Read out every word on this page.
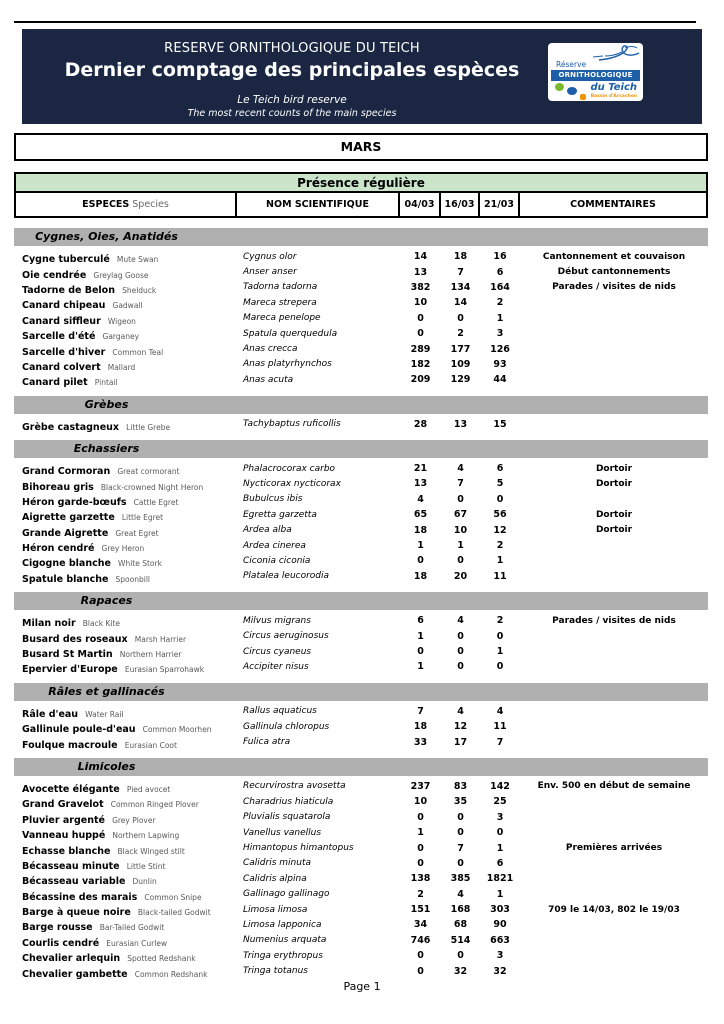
RESERVE ORNITHOLOGIQUE DU TEICH
Dernier comptage des principales espèces
Le Teich bird reserve
The most recent counts of the main species
Réserve
ORNITHOLOGIQUE
du Teich
Bassin d'Arcachon
MARS
Présence régulière
ESPECES Species	NOM SCIENTIFIQUE	04/03	16/03	21/03	COMMENTAIRES
Cygnes, Oies, Anatidés
Cygne tuberculé Mute Swan	Cygnus olor	14	18	16	Cantonnement et couvaison
Oie cendrée Greylag Goose	Anser anser	13	7	6	Début cantonnements
Tadorne de Belon Shelduck	Tadorna tadorna	382	134	164	Parades / visites de nids
Canard chipeau Gadwall	Mareca strepera	10	14	2
Canard siffleur Wigeon	Mareca penelope	0	0	1
Sarcelle d'été Garganey	Spatula querquedula	0	2	3
Sarcelle d'hiver Common Teal	Anas crecca	289	177	126
Canard colvert Mallard	Anas platyrhynchos	182	109	93
Canard pilet Pintail	Anas acuta	209	129	44
Grèbes
Grèbe castagneux Little Grebe	Tachybaptus ruficollis	28	13	15
Echassiers
Grand Cormoran Great cormorant	Phalacrocorax carbo	21	4	6	Dortoir
Bihoreau gris Black-crowned Night Heron	Nycticorax nycticorax	13	7	5	Dortoir
Héron garde-bœufs Cattle Egret	Bubulcus ibis	4	0	0
Aigrette garzette Little Egret	Egretta garzetta	65	67	56	Dortoir
Grande Aigrette Great Egret	Ardea alba	18	10	12	Dortoir
Héron cendré Grey Heron	Ardea cinerea	1	1	2
Cigogne blanche White Stork	Ciconia ciconia	0	0	1
Spatule blanche Spoonbill	Platalea leucorodia	18	20	11
Rapaces
Milan noir Black Kite	Milvus migrans	6	4	2	Parades / visites de nids
Busard des roseaux Marsh Harrier	Circus aeruginosus	1	0	0
Busard St Martin Northern Harrier	Circus cyaneus	0	0	1
Epervier d'Europe Eurasian Sparrohawk	Accipiter nisus	1	0	0
Râles et gallinacés
Râle d'eau Water Rail	Rallus aquaticus	7	4	4
Gallinule poule-d'eau Common Moorhen	Gallinula chloropus	18	12	11
Foulque macroule Eurasian Coot	Fulica atra	33	17	7
Limicoles
Avocette élégante Pied avocet	Recurvirostra avosetta	237	83	142	Env. 500 en début de semaine
Grand Gravelot Common Ringed Plover	Charadrius hiaticula	10	35	25
Pluvier argenté Grey Plover	Pluvialis squatarola	0	0	3
Vanneau huppé Northern Lapwing	Vanellus vanellus	1	0	0
Echasse blanche Black Winged stilt	Himantopus himantopus	0	7	1	Premières arrivées
Bécasseau minute Little Stint	Calidris minuta	0	0	6
Bécasseau variable Dunlin	Calidris alpina	138	385	1821
Bécassine des marais Common Snipe	Gallinago gallinago	2	4	1
Barge à queue noire Black-tailed Godwit	Limosa limosa	151	168	303	709 le 14/03, 802 le 19/03
Barge rousse Bar-Tailed Godwit	Limosa lapponica	34	68	90
Courlis cendré Eurasian Curlew	Numenius arquata	746	514	663
Chevalier arlequin Spotted Redshank	Tringa erythropus	0	0	3
Chevalier gambette Common Redshank	Tringa totanus	0	32	32
Page 1
